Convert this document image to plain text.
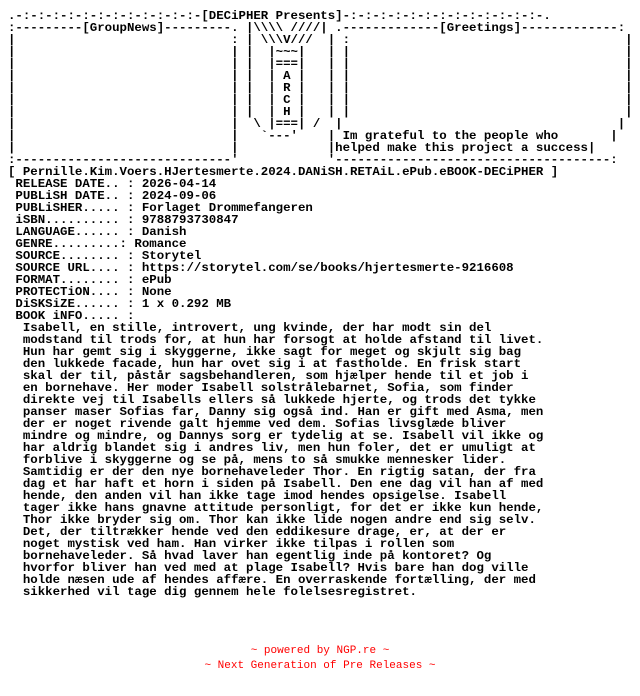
.-:-:-:-:-:-:-:-:-:-:-:-:-[DECiPHER Presents]-:-:-:-:-:-:-:-:-:-:-:-:-:-.
:---------[GroupNews]---------. |\\\\ ////| .-------------[Greetings]-------------:
|                             : | \\\V///  | :                                     |
|                             | |  |~~~|   | |                                     |
|                             | |  |===|   | |                                     |
|                             | |  | A |   | |                                     |
|                             | |  | R |   | |                                     |
|                             | |  | C |   | |                                     |
|                             | |  | H |   | |                                     |
|                             |  \ |===| /  |                                     |
|                             |   `---'    | Im grateful to the people who       |
|                             |            |helped make this project a success|
:-----------------------------'            '-------------------------------------:
[ Pernille.Kim.Voers.HJertesmerte.2024.DANiSH.RETAiL.ePub.eBOOK-DECiPHER ]
RELEASE DATE.. : 2026-04-14
PUBLiSH DATE.. : 2024-09-06
PUBLiSHER..... : Forlaget Drommefangeren
iSBN.......... : 9788793730847
LANGUAGE...... : Danish
GENRE.........: Romance
SOURCE........ : Storytel
SOURCE URL.... : https://storytel.com/se/books/hjertesmerte-9216608
FORMAT........ : ePub
PROTECTiON.... : None
DiSKSiZE...... : 1 x 0.292 MB
BOOK iNFO..... :
Isabell, en stille, introvert, ung kvinde, der har modt sin del
modstand til trods for, at hun har forsogt at holde afstand til livet.
Hun har gemt sig i skyggerne, ikke sagt for meget og skjult sig bag
den lukkede facade, hun har ovet sig i at fastholde. En frisk start
skal der til, påstår sagsbehandleren, som hjælper hende til et job i
en bornehave. Her moder Isabell solstrålebarnet, Sofia, som finder
direkte vej til Isabells ellers så lukkede hjerte, og trods det tykke
panser maser Sofias far, Danny sig også ind. Han er gift med Asma, men
der er noget rivende galt hjemme ved dem. Sofias livsglæde bliver
mindre og mindre, og Dannys sorg er tydelig at se. Isabell vil ikke og
har aldrig blandet sig i andres liv, men hun foler, det er umuligt at
forblive i skyggerne og se på, mens to så smukke mennesker lider.
Samtidig er der den nye bornehaveleder Thor. En rigtig satan, der fra
dag et har haft et horn i siden på Isabell. Den ene dag vil han af med
hende, den anden vil han ikke tage imod hendes opsigelse. Isabell
tager ikke hans gnavne attitude personligt, for det er ikke kun hende,
Thor ikke bryder sig om. Thor kan ikke lide nogen andre end sig selv.
Det, der tiltrækker hende ved den eddikesure drage, er, at der er
noget mystisk ved ham. Han virker ikke tilpas i rollen som
bornehaveleder. Så hvad laver han egentlig inde på kontoret? Og
hvorfor bliver han ved med at plage Isabell? Hvis bare han dog ville
holde næsen ude af hendes affære. En overraskende fortælling, der med
sikkerhed vil tage dig gennem hele folelsesregistret.
~ powered by NGP.re ~
~ Next Generation of Pre Releases ~
